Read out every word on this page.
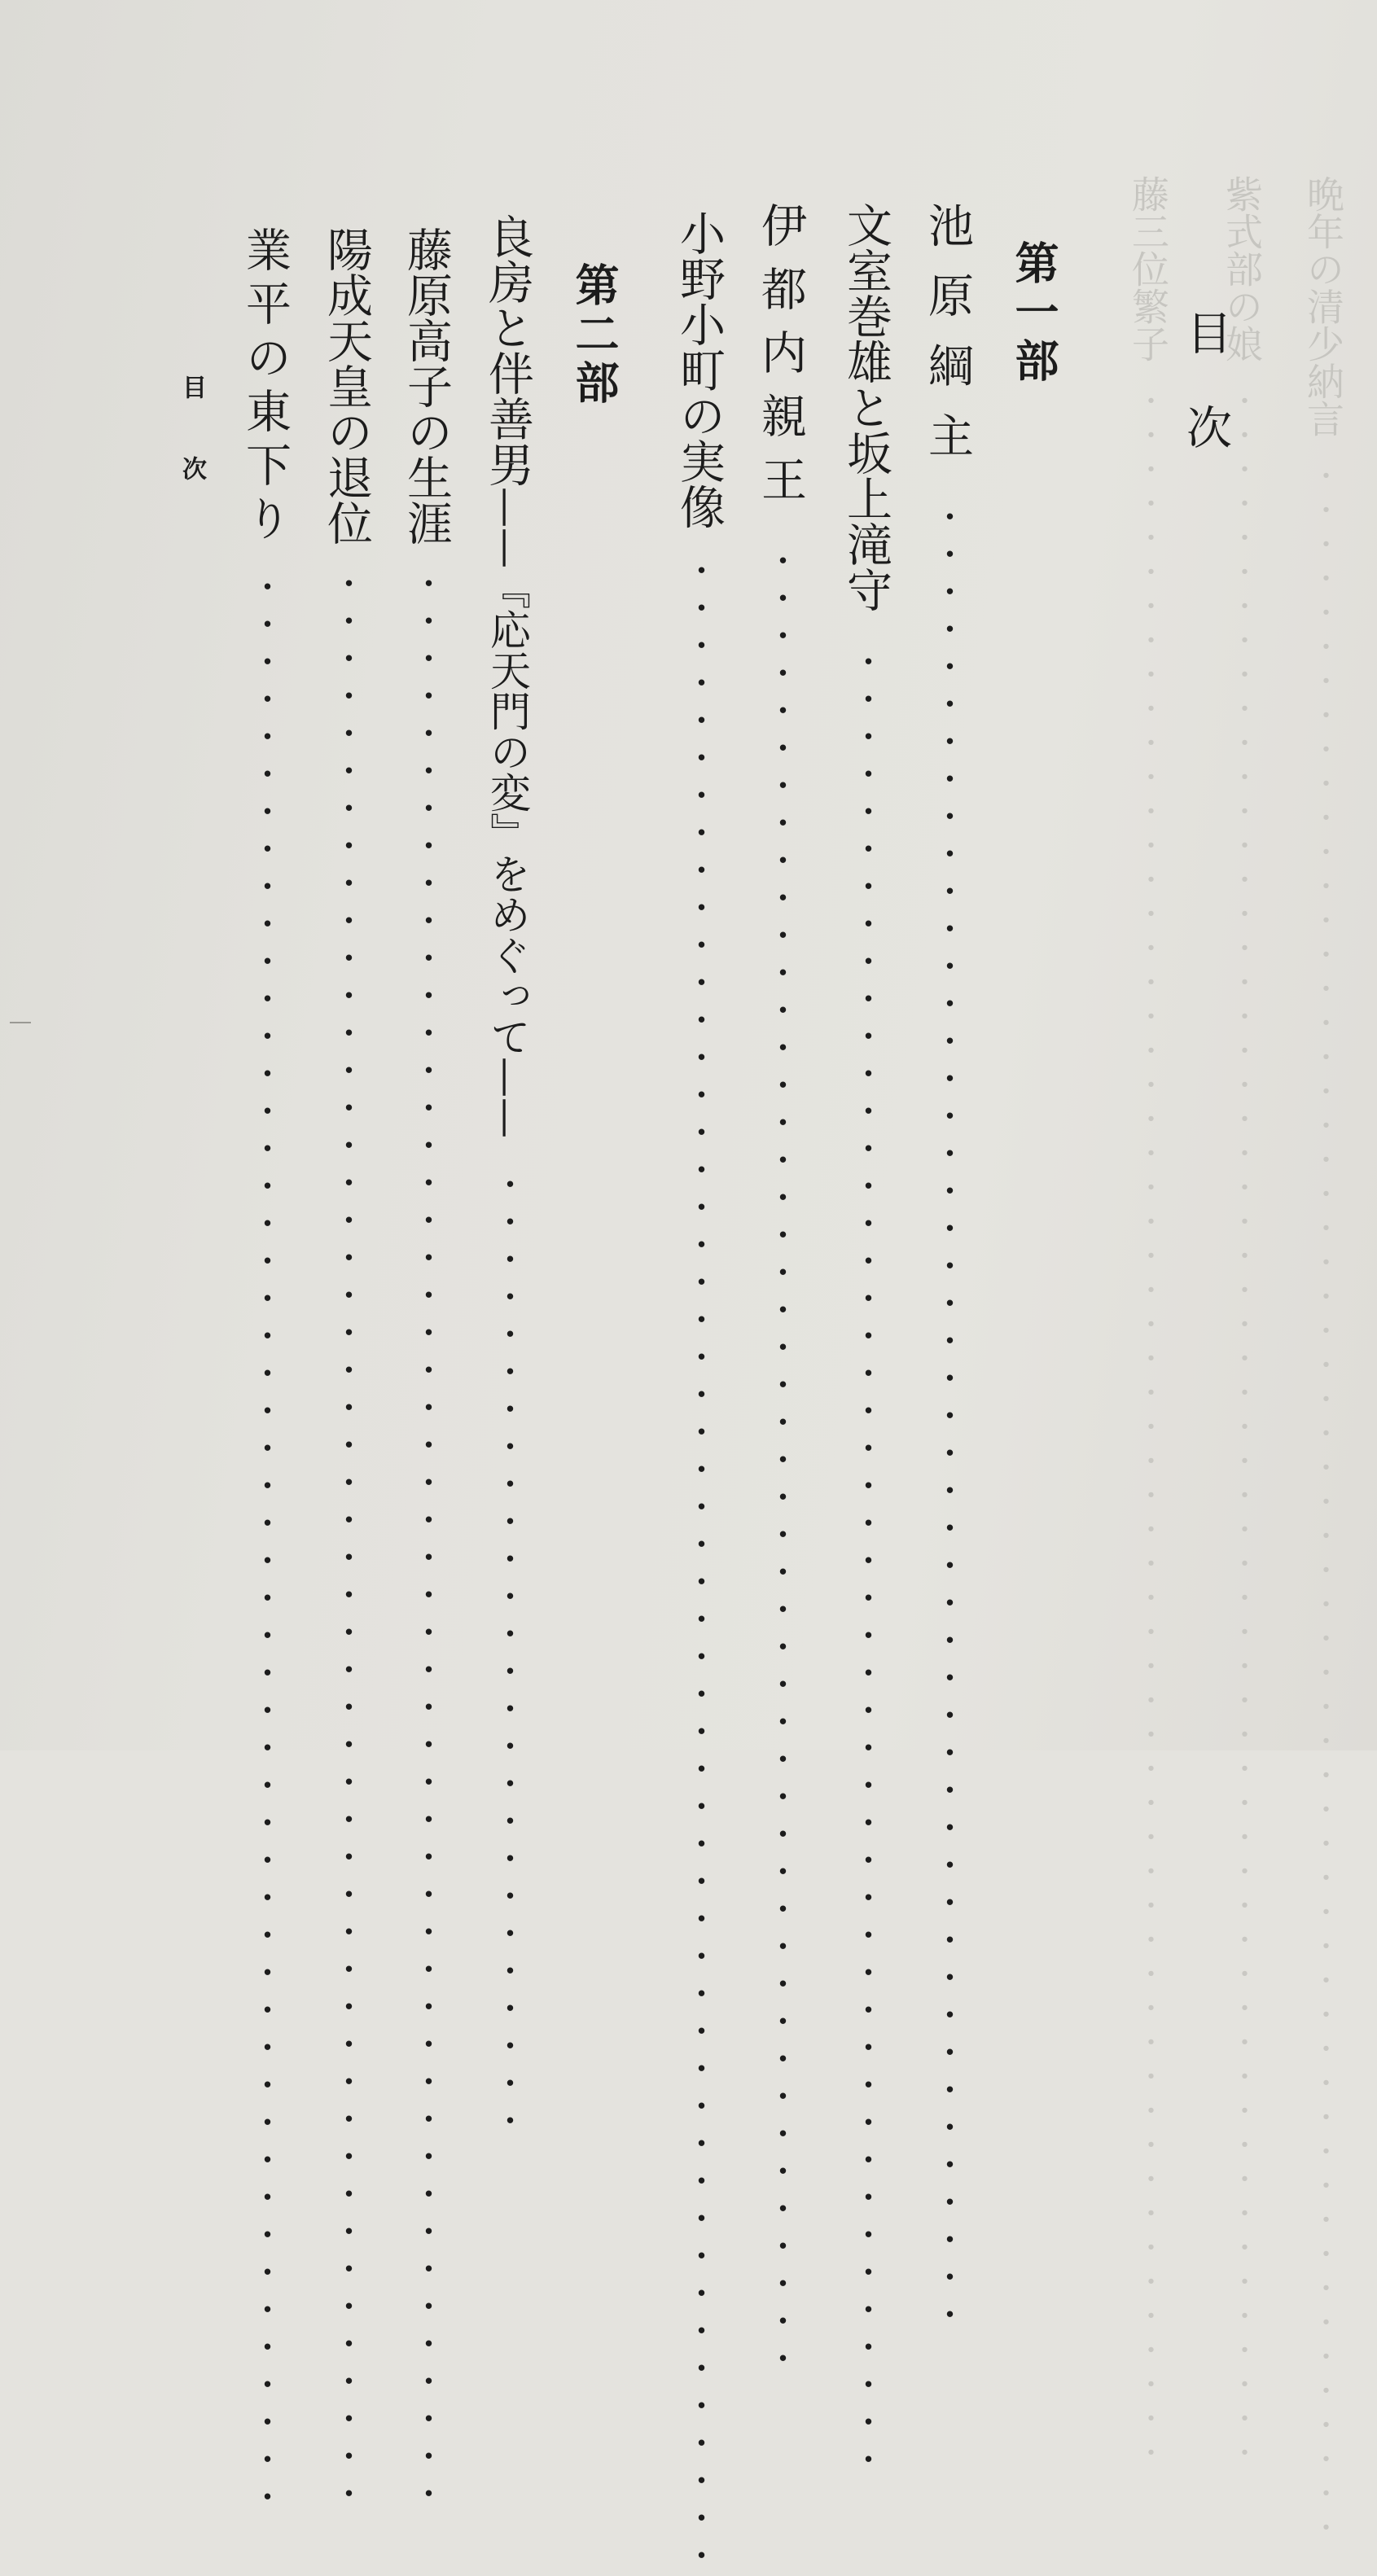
晩年の清少納言
・・・・・・・・・・・・・・・・・・・・・・・・・・・・・・・・・・・・・・・・・・・・・・・・・・・・・・・・・・・・・
紫式部の娘
・・・・・・・・・・・・・・・・・・・・・・・・・・・・・・・・・・・・・・・・・・・・・・・・・・・・・・・・・・・・・
藤三位繁子
・・・・・・・・・・・・・・・・・・・・・・・・・・・・・・・・・・・・・・・・・・・・・・・・・・・・・・・・・・・・・ 目次
第一部
池原綱主
・・・・・・・・・・・・・・・・・・・・・・・・・・・・・・・・・・・・・・・・・・・・・・・・・
文室巻雄と坂上滝守
・・・・・・・・・・・・・・・・・・・・・・・・・・・・・・・・・・・・・・・・・・・・・・・・・
伊都内親王
・・・・・・・・・・・・・・・・・・・・・・・・・・・・・・・・・・・・・・・・・・・・・・・・・
小野小町の実像
・・・・・・・・・・・・・・・・・・・・・・・・・・・・・・・・・・・・・・・・・・・・・・・・・・・・・・
第二部
良房と伴善男
——『応天門の変』をめぐって——
・・・・・・・・・・・・・・・・・・・・・・・・・・
藤原高子の生涯
・・・・・・・・・・・・・・・・・・・・・・・・・・・・・・・・・・・・・・・・・・・・・・・・・・・・
陽成天皇の退位
・・・・・・・・・・・・・・・・・・・・・・・・・・・・・・・・・・・・・・・・・・・・・・・・・・・・
業平の東下り
・・・・・・・・・・・・・・・・・・・・・・・・・・・・・・・・・・・・・・・・・・・・・・・・・・・・
目次
